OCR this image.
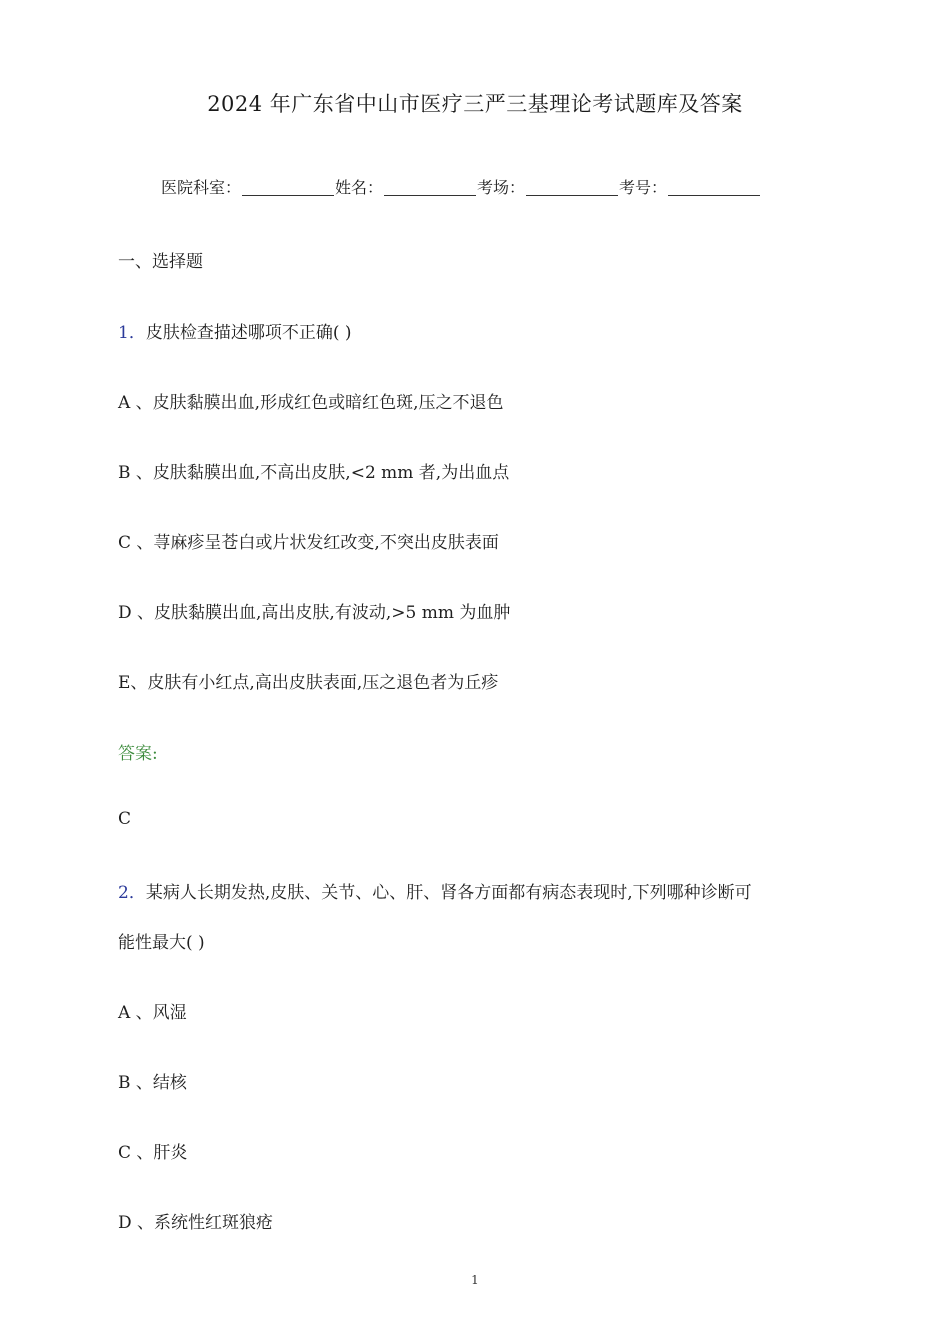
2024 年广东省中山市医疗三严三基理论考试题库及答案
医院科室：	姓名：	考场：	考号：
一、选择题
1．皮肤检查描述哪项不正确( )
A 、皮肤黏膜出血,形成红色或暗红色斑,压之不退色
B 、皮肤黏膜出血,不高出皮肤,<2 mm 者,为出血点
C 、荨麻疹呈苍白或片状发红改变,不突出皮肤表面
D 、皮肤黏膜出血,高出皮肤,有波动,>5 mm 为血肿
E、皮肤有小红点,高出皮肤表面,压之退色者为丘疹
答案:
C
2．某病人长期发热,皮肤、关节、心、肝、肾各方面都有病态表现时,下列哪种诊断可
能性最大( )
A 、风湿
B 、结核
C 、肝炎
D 、系统性红斑狼疮
1
